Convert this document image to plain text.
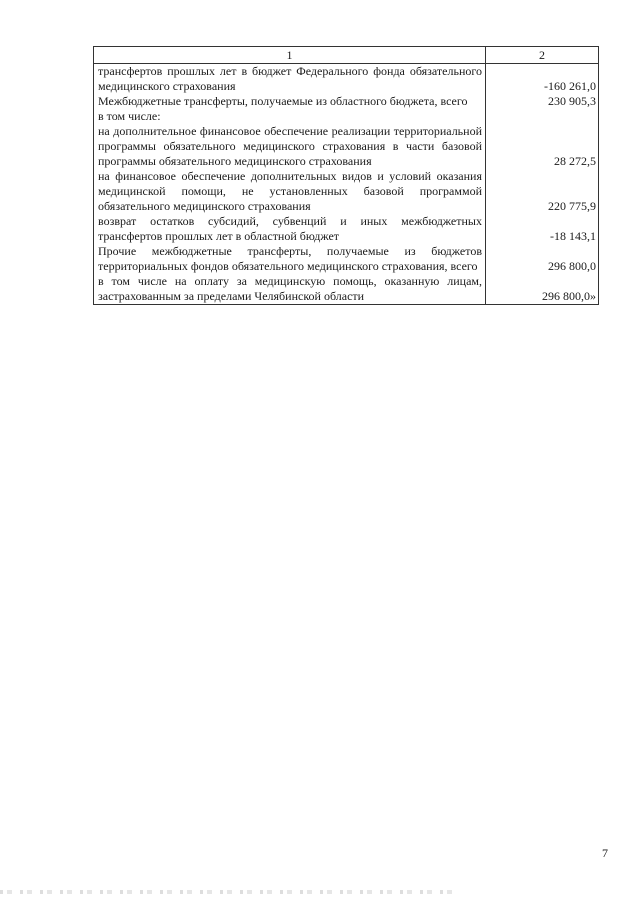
1	2
трансфертов прошлых лет в бюджет Федерального фонда обязательного медицинского страхования	-160 261,0
Межбюджетные трансферты, получаемые из областного бюджета, всего	230 905,3
в том числе:	
на дополнительное финансовое обеспечение реализации территориальной программы обязательного медицинского страхования в части базовой программы обязательного медицинского страхования	28 272,5
на финансовое обеспечение дополнительных видов и условий оказания медицинской помощи, не установленных базовой программой обязательного медицинского страхования	220 775,9
возврат остатков субсидий, субвенций и иных межбюджетных трансфертов прошлых лет в областной бюджет	-18 143,1
Прочие межбюджетные трансферты, получаемые из бюджетов территориальных фондов обязательного медицинского страхования, всего	296 800,0
в том числе на оплату за медицинскую помощь, оказанную лицам, застрахованным за пределами Челябинской области	296 800,0»
7
